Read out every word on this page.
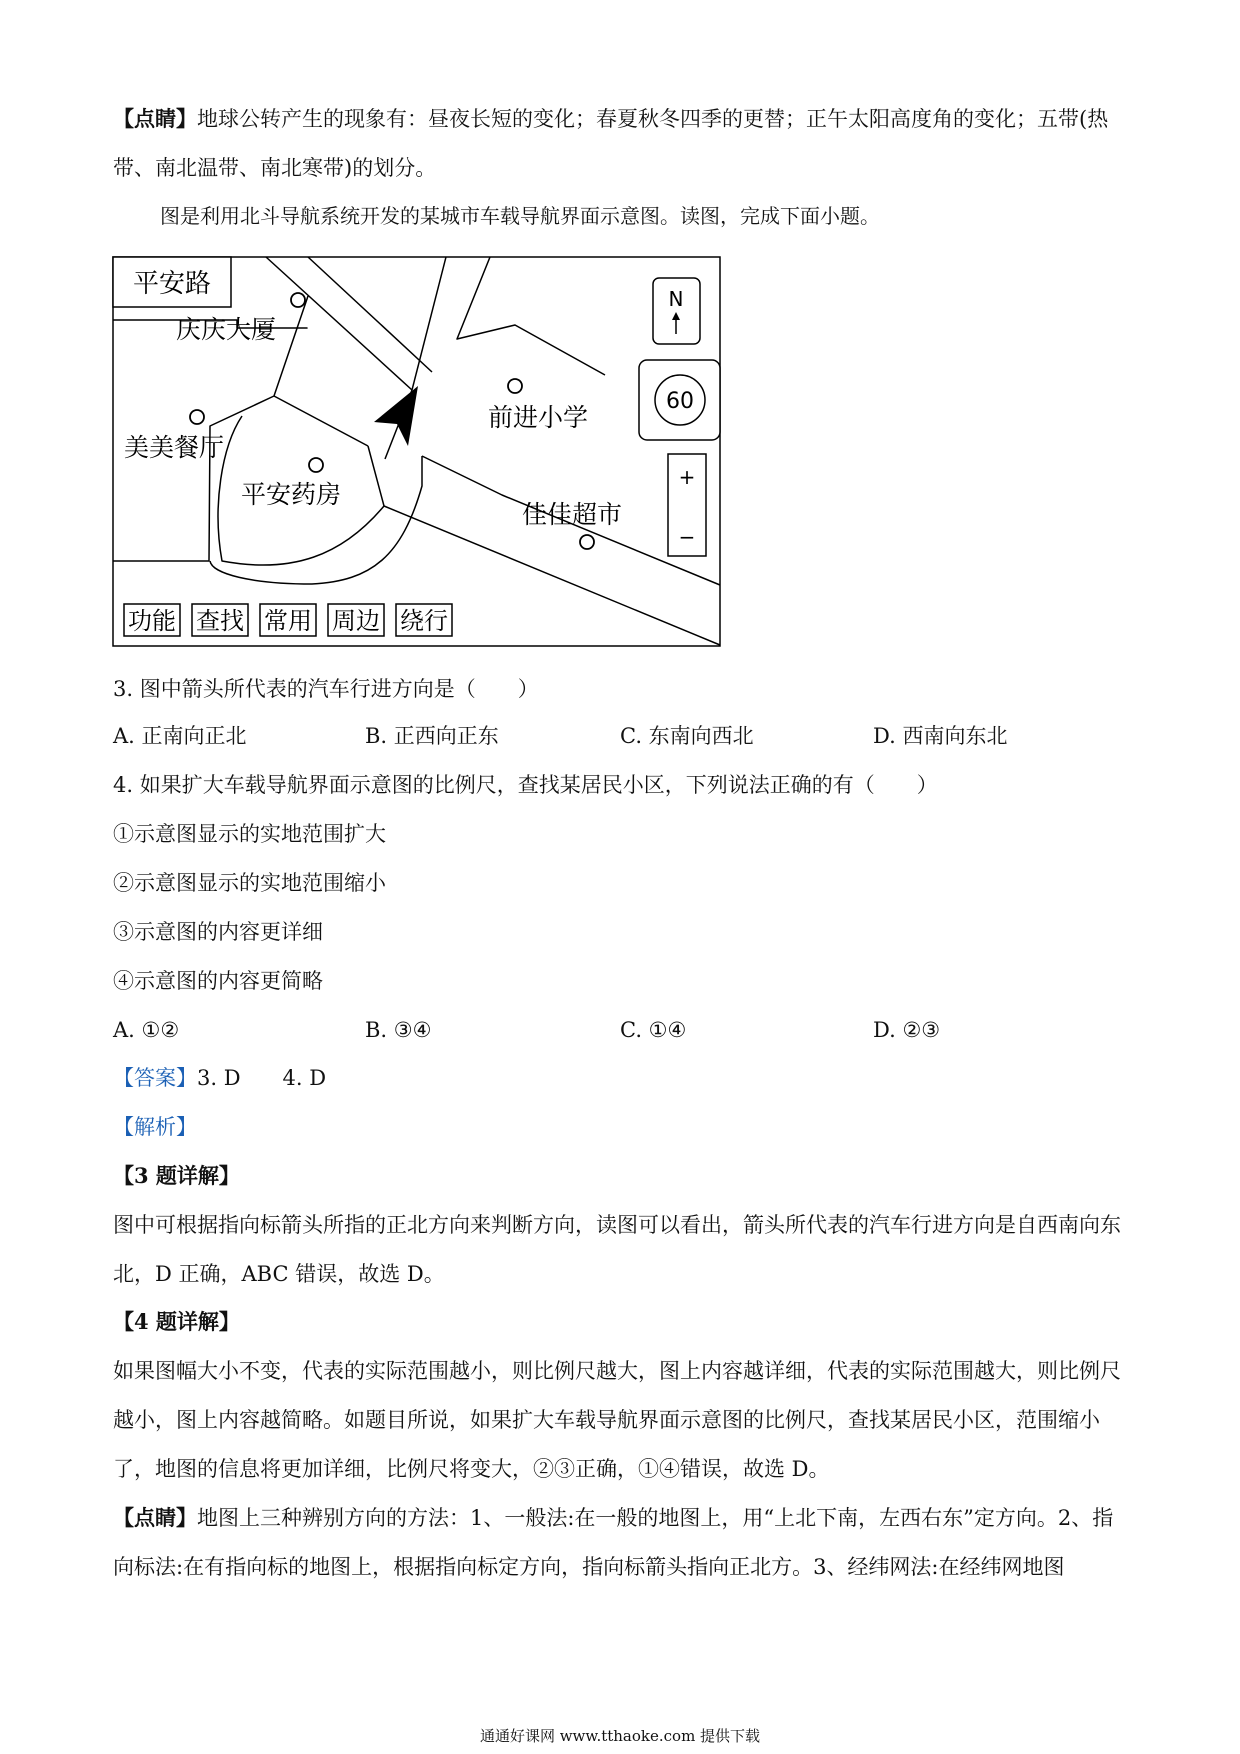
【点睛】地球公转产生的现象有：昼夜长短的变化；春夏秋冬四季的更替；正午太阳高度角的变化；五带(热带、南北温带、南北寒带)的划分。

图是利用北斗导航系统开发的某城市车载导航界面示意图。读图，完成下面小题。

平安路
庆庆大厦
美美餐厅
平安药房
前进小学
佳佳超市
N
60
+
−
功能 查找 常用 周边 绕行

3. 图中箭头所代表的汽车行进方向是（　　）

A. 正南向正北	B. 正西向正东	C. 东南向西北	D. 西南向东北

4. 如果扩大车载导航界面示意图的比例尺，查找某居民小区，下列说法正确的有（　　）

①示意图显示的实地范围扩大

②示意图显示的实地范围缩小

③示意图的内容更详细

④示意图的内容更简略

A. ①②	B. ③④	C. ①④	D. ②③

【答案】3. D　　4. D

【解析】

【3 题详解】

图中可根据指向标箭头所指的正北方向来判断方向，读图可以看出，箭头所代表的汽车行进方向是自西南向东北，D 正确，ABC 错误，故选 D。

【4 题详解】

如果图幅大小不变，代表的实际范围越小，则比例尺越大，图上内容越详细，代表的实际范围越大，则比例尺越小，图上内容越简略。如题目所说，如果扩大车载导航界面示意图的比例尺，查找某居民小区，范围缩小了，地图的信息将更加详细，比例尺将变大，②③正确，①④错误，故选 D。

【点睛】地图上三种辨别方向的方法：1、一般法:在一般的地图上，用“上北下南，左西右东”定方向。2、指向标法:在有指向标的地图上，根据指向标定方向，指向标箭头指向正北方。3、经纬网法:在经纬网地图

通通好课网 www.tthaoke.com 提供下载
